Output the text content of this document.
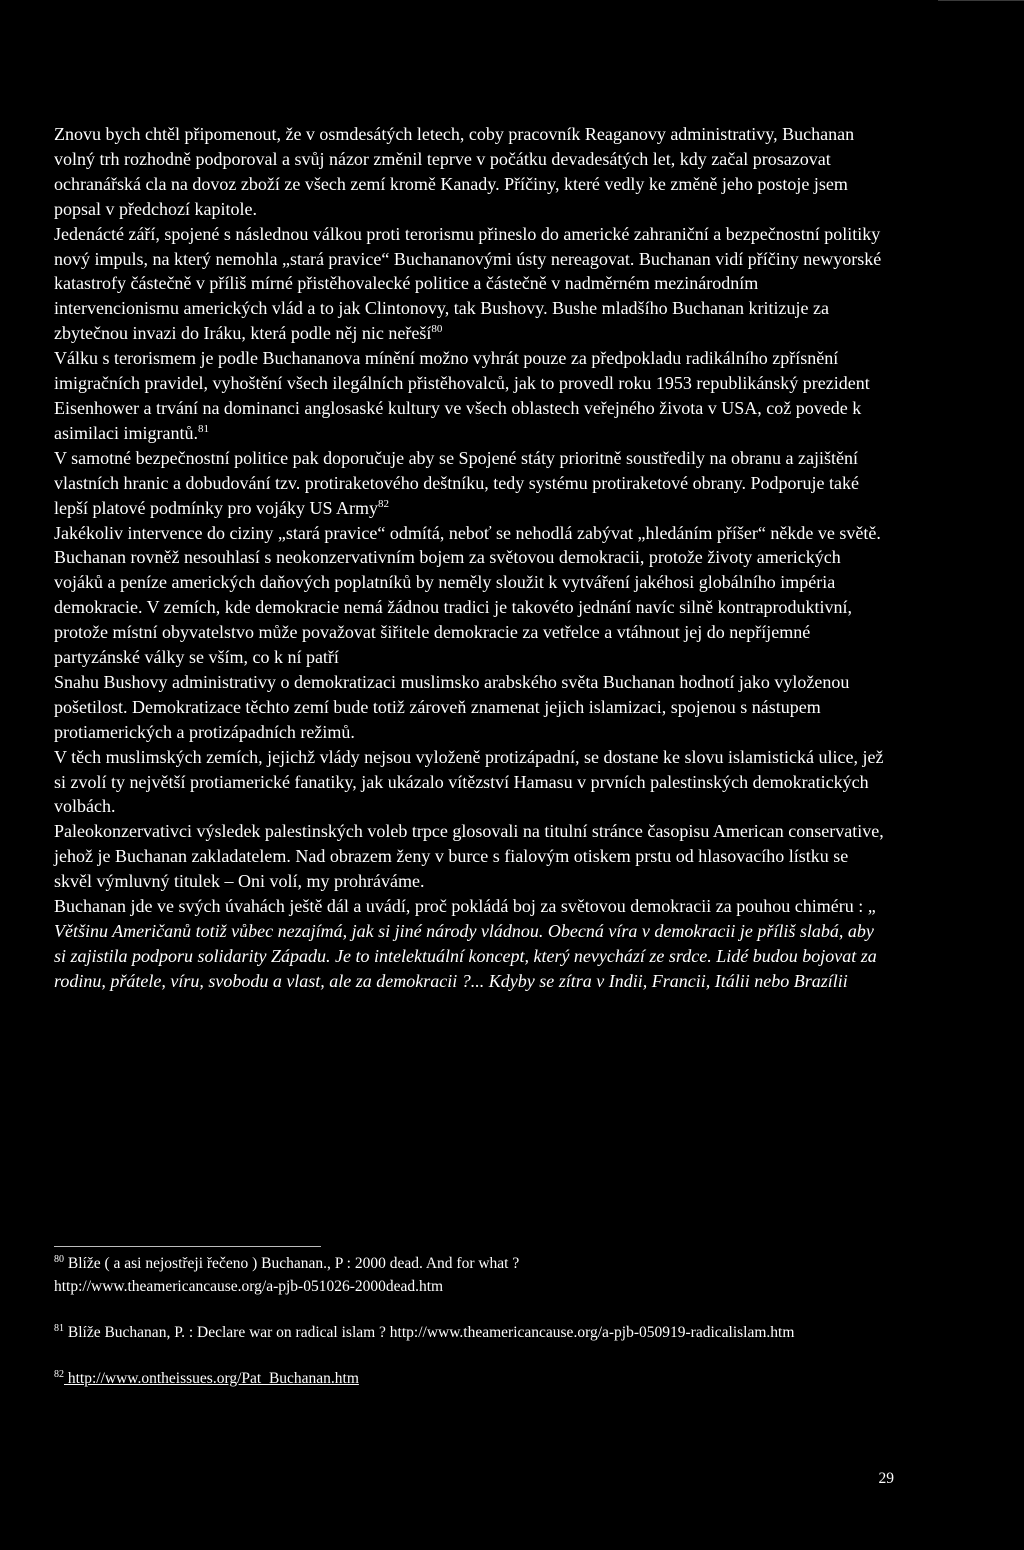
Znovu bych chtěl připomenout, že v osmdesátých letech, coby pracovník Reaganovy administrativy, Buchanan volný trh rozhodně podporoval a svůj názor změnil teprve v počátku devadesátých let, kdy začal prosazovat ochranářská cla na dovoz zboží ze všech zemí kromě Kanady. Příčiny, které vedly ke změně jeho postoje jsem popsal v předchozí kapitole.

Jedenácté září, spojené s následnou válkou proti terorismu přineslo do americké zahraniční a bezpečnostní politiky nový impuls, na který nemohla „stará pravice“ Buchananovými ústy nereagovat. Buchanan vidí příčiny newyorské katastrofy částečně v příliš mírné přistěhovalecké politice a částečně v nadměrném mezinárodním intervencionismu amerických vlád a to jak Clintonovy, tak Bushovy. Bushe mladšího Buchanan kritizuje za zbytečnou invazi do Iráku, která podle něj nic neřeší$^{80}$

Válku s terorismem je podle Buchananova mínění možno vyhrát pouze za předpokladu radikálního zpřísnění imigračních pravidel, vyhoštění všech ilegálních přistěhovalců, jak to provedl roku 1953 republikánský prezident Eisenhower a trvání na dominanci anglosaské kultury ve všech oblastech veřejného života v USA, což povede k asimilaci imigrantů.$^{81}$

V samotné bezpečnostní politice pak doporučuje aby se Spojené státy prioritně soustředily na obranu a zajištění vlastních hranic a dobudování tzv. protiraketového deštníku, tedy systému protiraketové obrany. Podporuje také lepší platové podmínky pro vojáky US Army$^{82}$

Jakékoliv intervence do ciziny „stará pravice“ odmítá, neboť se nehodlá zabývat „hledáním příšer“ někde ve světě.

Buchanan rovněž nesouhlasí s neokonzervativním bojem za světovou demokracii, protože životy amerických vojáků a peníze amerických daňových poplatníků by neměly sloužit k vytváření jakéhosi globálního impéria demokracie. V zemích, kde demokracie nemá žádnou tradici je takovéto jednání navíc silně kontraproduktivní, protože místní obyvatelstvo může považovat šiřitele demokracie za vetřelce a vtáhnout jej do nepříjemné partyzánské války se vším, co k ní patří

Snahu Bushovy administrativy o demokratizaci muslimsko arabského světa Buchanan hodnotí jako vyloženou pošetilost. Demokratizace těchto zemí bude totiž zároveň znamenat jejich islamizaci, spojenou s nástupem protiamerických a protizápadních režimů.

V těch muslimských zemích, jejichž vlády nejsou vyloženě protizápadní, se dostane ke slovu islamistická ulice, jež si zvolí ty největší protiamerické fanatiky, jak ukázalo vítězství Hamasu v prvních palestinských demokratických volbách.

Paleokonzervativci výsledek palestinských voleb trpce glosovali na titulní stránce časopisu American conservative, jehož je Buchanan zakladatelem. Nad obrazem ženy v burce s fialovým otiskem prstu od hlasovacího lístku se skvěl výmluvný titulek – Oni volí, my prohráváme.

Buchanan jde ve svých úvahách ještě dál a uvádí, proč pokládá boj za světovou demokracii za pouhou chiméru : „ Většinu Američanů totiž vůbec nezajímá, jak si jiné národy vládnou. Obecná víra v demokracii je příliš slabá, aby si zajistila podporu solidarity Západu. Je to intelektuální koncept, který nevychází ze srdce. Lidé budou bojovat za rodinu, přátele, víru, svobodu a vlast, ale za demokracii ?... Kdyby se zítra v Indii, Francii, Itálii nebo Brazílii

$^{80}$ Blíže ( a asi nejostřeji řečeno ) Buchanan., P : 2000 dead. And for what ?
http://www.theamericancause.org/a-pjb-051026-2000dead.htm

$^{81}$ Blíže Buchanan, P. : Declare war on radical islam ? http://www.theamericancause.org/a-pjb-050919-radicalislam.htm

$^{82}$ http://www.ontheissues.org/Pat_Buchanan.htm

29
